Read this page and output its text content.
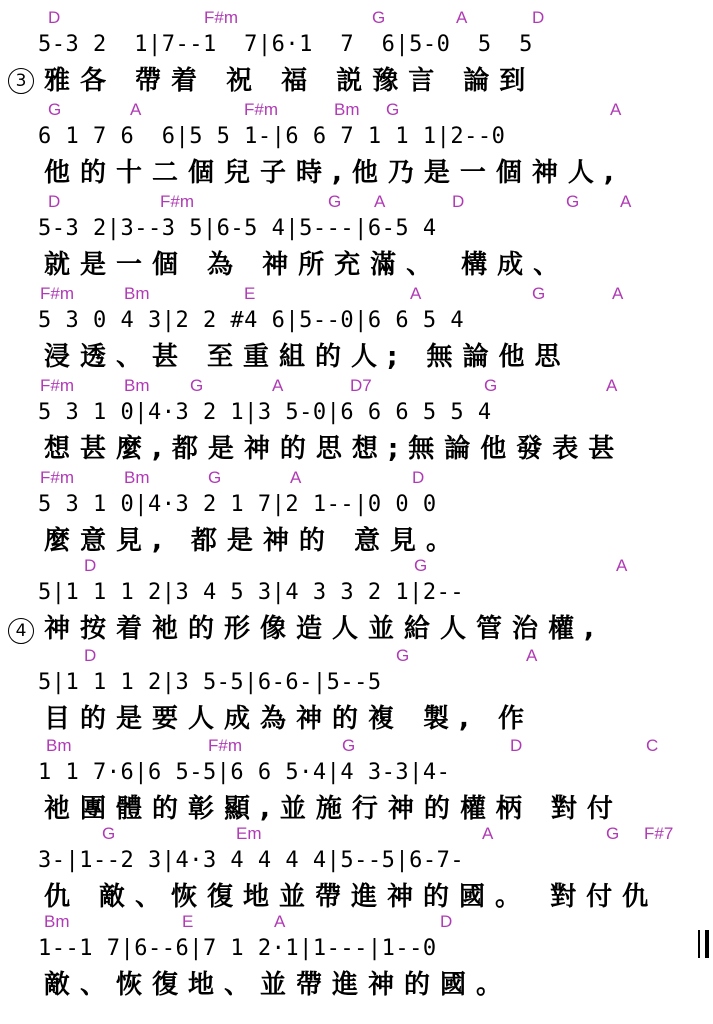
D	F#m	G	A	D
5-3 2  1|7--1  7|6·1  7  6|5-0  5  5
3 雅各 帶着 祝 福 説豫言 論到
G	A	F#m	Bm G	A
6 1 7 6  6|5 5 1-|6 6 7 1 1 1|2--0
他的十二個兒子時,他乃是一個神人,
D	F#m	G A	D	G A
5-3 2|3--3 5|6-5 4|5---|6-5 4
就是一個 為 神所充滿、 構成、
F#m	Bm	E	A	G	A
5 3 0 4 3|2 2 #4 6|5--0|6 6 5 4
浸透、甚 至重組的人; 無論他思
F#m	Bm G	A	D7	G	A
5 3 1 0|4·3 2 1|3 5-0|6 6 6 5 5 4
想甚麼,都是神的思想;無論他發表甚
F#m	Bm	G	A	D
5 3 1 0|4·3 2 1 7|2 1--|0 0 0
麼意見, 都是神的 意見。
D	G	A
5|1 1 1 2|3 4 5 3|4 3 3 2 1|2--
神按着祂的形像造人並給人管治權,
D	G	A
5|1 1 1 2|3 5-5|6-6-|5--5
4
目的是要人成為神的複 製, 作
Bm	F#m	G	D	C
1 1 7·6|6 5-5|6 6 5·4|4 3-3|4-
祂團體的彰顯,並施行神的權柄 對付
G	Em	A	G F#7
3-|1--2 3|4·3 4 4 4 4|5--5|6-7-
仇 敵、恢復地並帶進神的國。 對付仇
Bm	E	A	D
1--1 7|6--6|7 1 2·1|1---|1--0
敵、恢復地、並帶進神的國。
